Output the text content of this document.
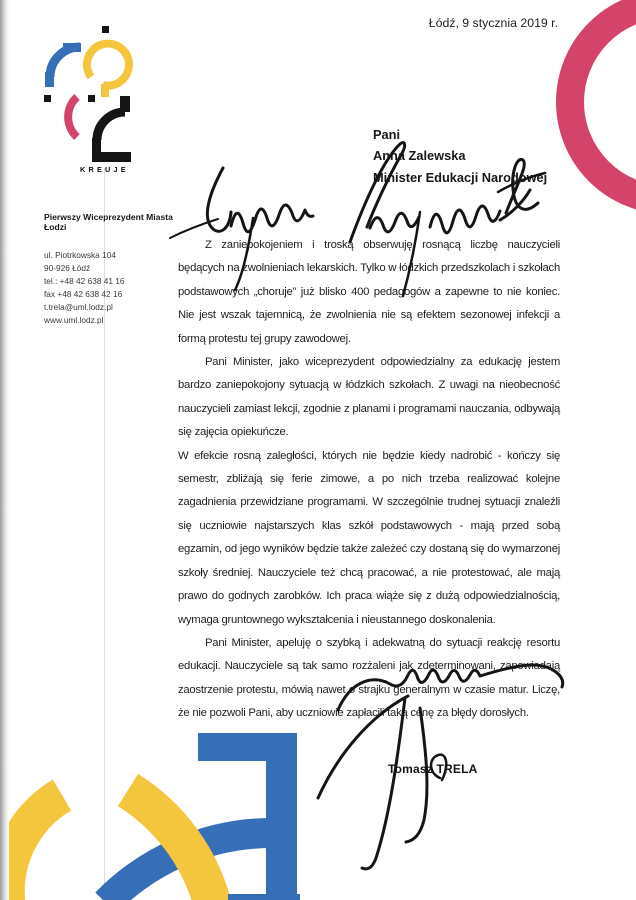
KREUJE
Łódź, 9 stycznia 2019 r.
Pani
Anna Zalewska
Minister Edukacji Narodowej

Pierwszy Wiceprezydent Miasta Łodzi

ul. Piotrkowska 104
90-926 Łódź
tel.: +48 42 638 41 16
fax +48 42 638 42 16
t.trela@uml.lodz.pl
www.uml.lodz.pl

Z zaniepokojeniem i troską obserwuję rosnącą liczbę nauczycieli będących na zwolnieniach lekarskich. Tylko w łódzkich przedszkolach i szkołach podstawowych „choruje” już blisko 400 pedagogów a zapewne to nie koniec. Nie jest wszak tajemnicą, że zwolnienia nie są efektem sezonowej infekcji a formą protestu tej grupy zawodowej.

Pani Minister, jako wiceprezydent odpowiedzialny za edukację jestem bardzo zaniepokojony sytuacją w łódzkich szkołach. Z uwagi na nieobecność nauczycieli zamiast lekcji, zgodnie z planami i programami nauczania, odbywają się zajęcia opiekuńcze.

W efekcie rosną zaległości, których nie będzie kiedy nadrobić - kończy się semestr, zbliżają się ferie zimowe, a po nich trzeba realizować kolejne zagadnienia przewidziane programami. W szczególnie trudnej sytuacji znaleźli się uczniowie najstarszych klas szkół podstawowych - mają przed sobą egzamin, od jego wyników będzie także zależeć czy dostaną się do wymarzonej szkoły średniej. Nauczyciele też chcą pracować, a nie protestować, ale mają prawo do godnych zarobków. Ich praca wiąże się z dużą odpowiedzialnością, wymaga gruntownego wykształcenia i nieustannego doskonalenia.

Pani Minister, apeluję o szybką i adekwatną do sytuacji reakcję resortu edukacji. Nauczyciele są tak samo rozżaleni jak zdeterminowani, zapowiadają zaostrzenie protestu, mówią nawet o strajku generalnym w czasie matur. Liczę, że nie pozwoli Pani, aby uczniowie zapłacili taką cenę za błędy dorosłych.

Tomasz TRELA
